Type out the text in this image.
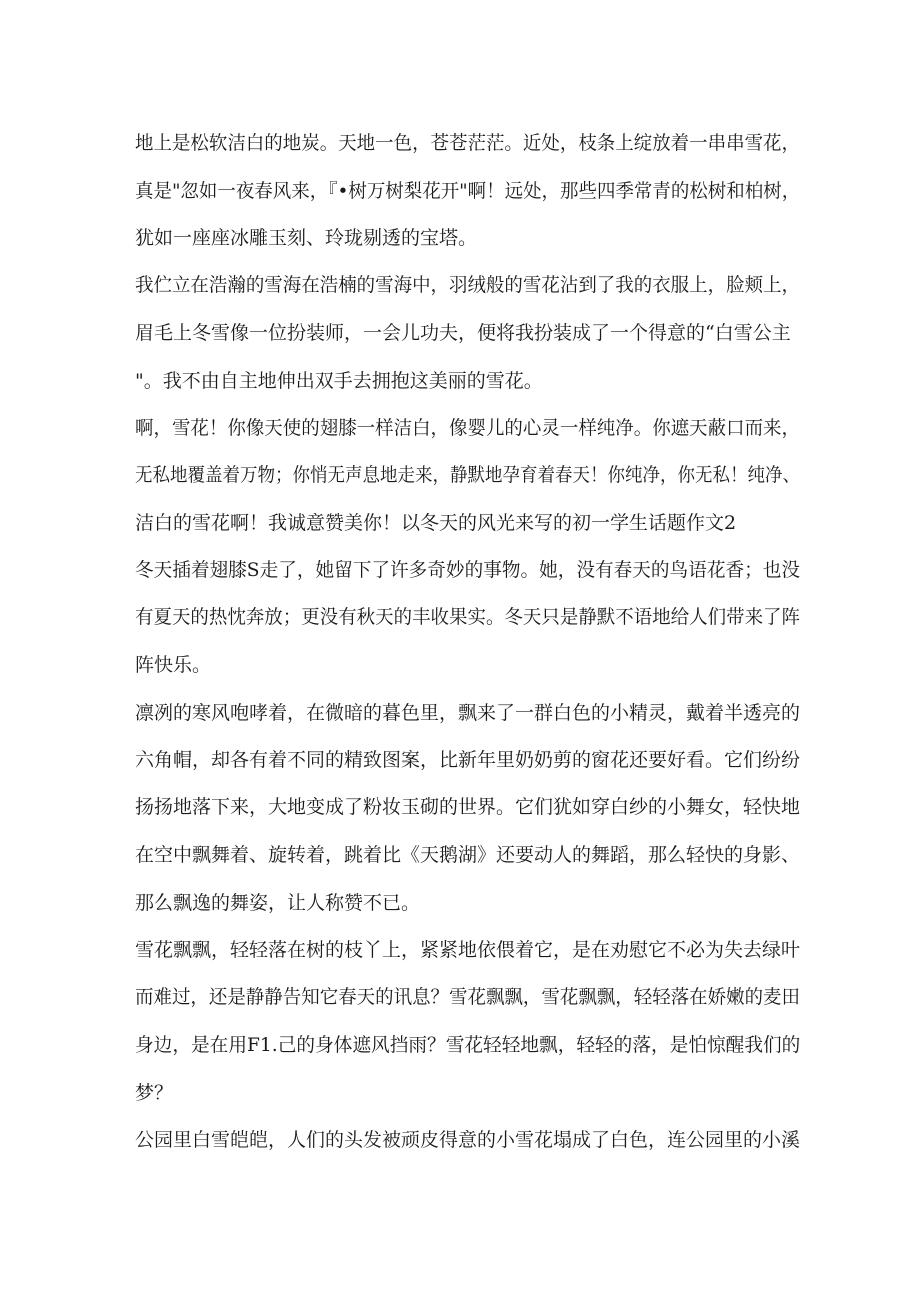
地上是松软洁白的地炭。天地一色，苍苍茫茫。近处，枝条上绽放着一串串雪花，
真是"忽如一夜春风来，『•树万树梨花开"啊！远处，那些四季常青的松树和柏树，
犹如一座座冰雕玉刻、玲珑剔透的宝塔。
我伫立在浩瀚的雪海在浩楠的雪海中，羽绒般的雪花沾到了我的衣服上，脸颊上，
眉毛上冬雪像一位扮装师，一会儿功夫，便将我扮装成了一个得意的“白雪公主
"。我不由自主地伸出双手去拥抱这美丽的雪花。
啊，雪花！你像天使的翅膝一样洁白，像婴儿的心灵一样纯净。你遮天蔽口而来，
无私地覆盖着万物；你悄无声息地走来，静默地孕育着春天！你纯净，你无私！纯净、
洁白的雪花啊！我诚意赞美你！以冬天的风光来写的初一学生话题作文2
冬天插着翅膝S走了，她留下了许多奇妙的事物。她，没有春天的鸟语花香；也没
有夏天的热忱奔放；更没有秋天的丰收果实。冬天只是静默不语地给人们带来了阵
阵快乐。
凛冽的寒风咆哮着，在微暗的暮色里，飘来了一群白色的小精灵，戴着半透亮的
六角帽，却各有着不同的精致图案，比新年里奶奶剪的窗花还要好看。它们纷纷
扬扬地落下来，大地变成了粉妆玉砌的世界。它们犹如穿白纱的小舞女，轻快地
在空中飘舞着、旋转着，跳着比《天鹅湖》还要动人的舞蹈，那么轻快的身影、
那么飘逸的舞姿，让人称赞不已。
雪花飘飘，轻轻落在树的枝丫上，紧紧地依偎着它，是在劝慰它不必为失去绿叶
而难过，还是静静告知它春天的讯息？雪花飘飘，雪花飘飘，轻轻落在娇嫩的麦田
身边，是在用F1.己的身体遮风挡雨？雪花轻轻地飘，轻轻的落，是怕惊醒我们的
梦？
公园里白雪皑皑，人们的头发被顽皮得意的小雪花塌成了白色，连公园里的小溪
